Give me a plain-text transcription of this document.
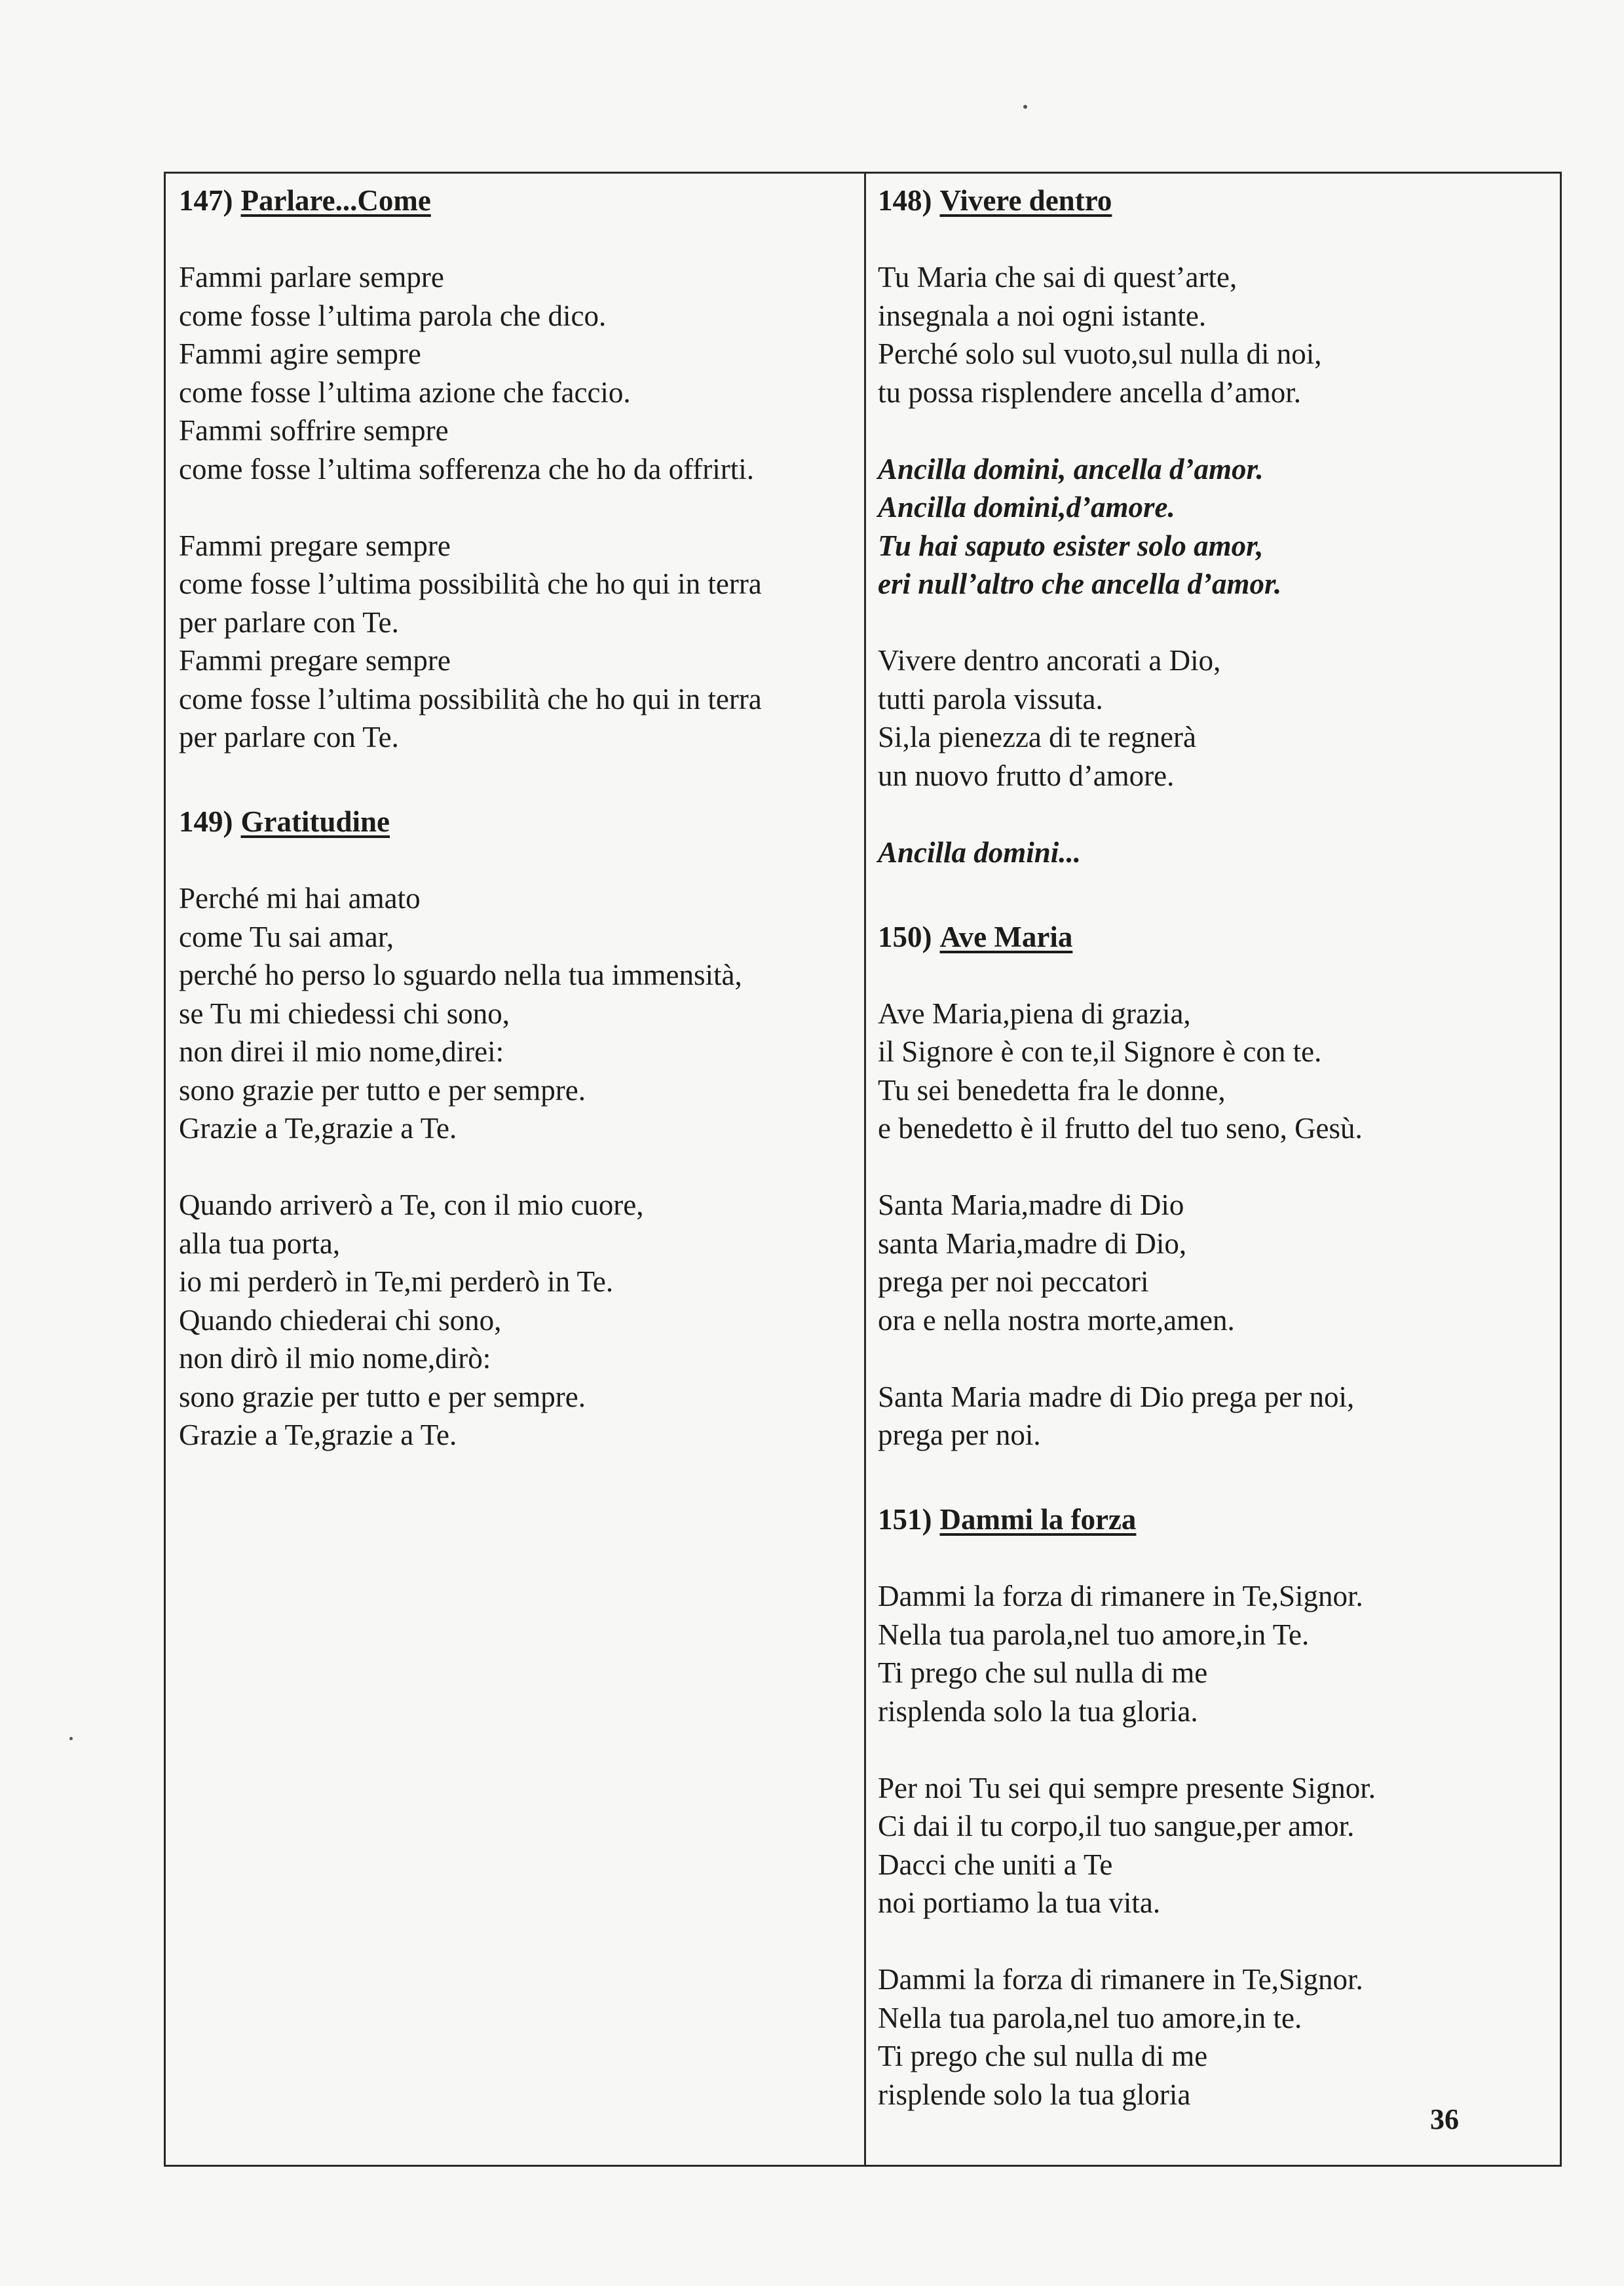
147) Parlare...Come

Fammi parlare sempre

come fosse l’ultima parola che dico.

Fammi agire sempre

come fosse l’ultima azione che faccio.

Fammi soffrire sempre

come fosse l’ultima sofferenza che ho da offrirti.

Fammi pregare sempre

come fosse l’ultima possibilità che ho qui in terra

per parlare con Te.

Fammi pregare sempre

come fosse l’ultima possibilità che ho qui in terra

per parlare con Te.

149) Gratitudine

Perché mi hai amato

come Tu sai amar,

perché ho perso lo sguardo nella tua immensità,

se Tu mi chiedessi chi sono,

non direi il mio nome,direi:

sono grazie per tutto e per sempre.

Grazie a Te,grazie a Te.

Quando arriverò a Te, con il mio cuore,

alla tua porta,

io mi perderò in Te,mi perderò in Te.

Quando chiederai chi sono,

non dirò il mio nome,dirò:

sono grazie per tutto e per sempre.

Grazie a Te,grazie a Te.

148) Vivere dentro

Tu Maria che sai di quest’arte,

insegnala a noi ogni istante.

Perché solo sul vuoto,sul nulla di noi,

tu possa risplendere ancella d’amor.

Ancilla domini, ancella d’amor.

Ancilla domini,d’amore.

Tu hai saputo esister solo amor,

eri null’altro che ancella d’amor.

Vivere dentro ancorati a Dio,

tutti parola vissuta.

Si,la pienezza di te regnerà

un nuovo frutto d’amore.

Ancilla domini...

150) Ave Maria

Ave Maria,piena di grazia,

il Signore è con te,il Signore è con te.

Tu sei benedetta fra le donne,

e benedetto è il frutto del tuo seno, Gesù.

Santa Maria,madre di Dio

santa Maria,madre di Dio,

prega per noi peccatori

ora e nella nostra morte,amen.

Santa Maria madre di Dio prega per noi,

prega per noi.

151) Dammi la forza

Dammi la forza di rimanere in Te,Signor.

Nella tua parola,nel tuo amore,in Te.

Ti prego che sul nulla di me

risplenda solo la tua gloria.

Per noi Tu sei qui sempre presente Signor.

Ci dai il tu corpo,il tuo sangue,per amor.

Dacci che uniti a Te

noi portiamo la tua vita.

Dammi la forza di rimanere in Te,Signor.

Nella tua parola,nel tuo amore,in te.

Ti prego che sul nulla di me

risplende solo la tua gloria

36
